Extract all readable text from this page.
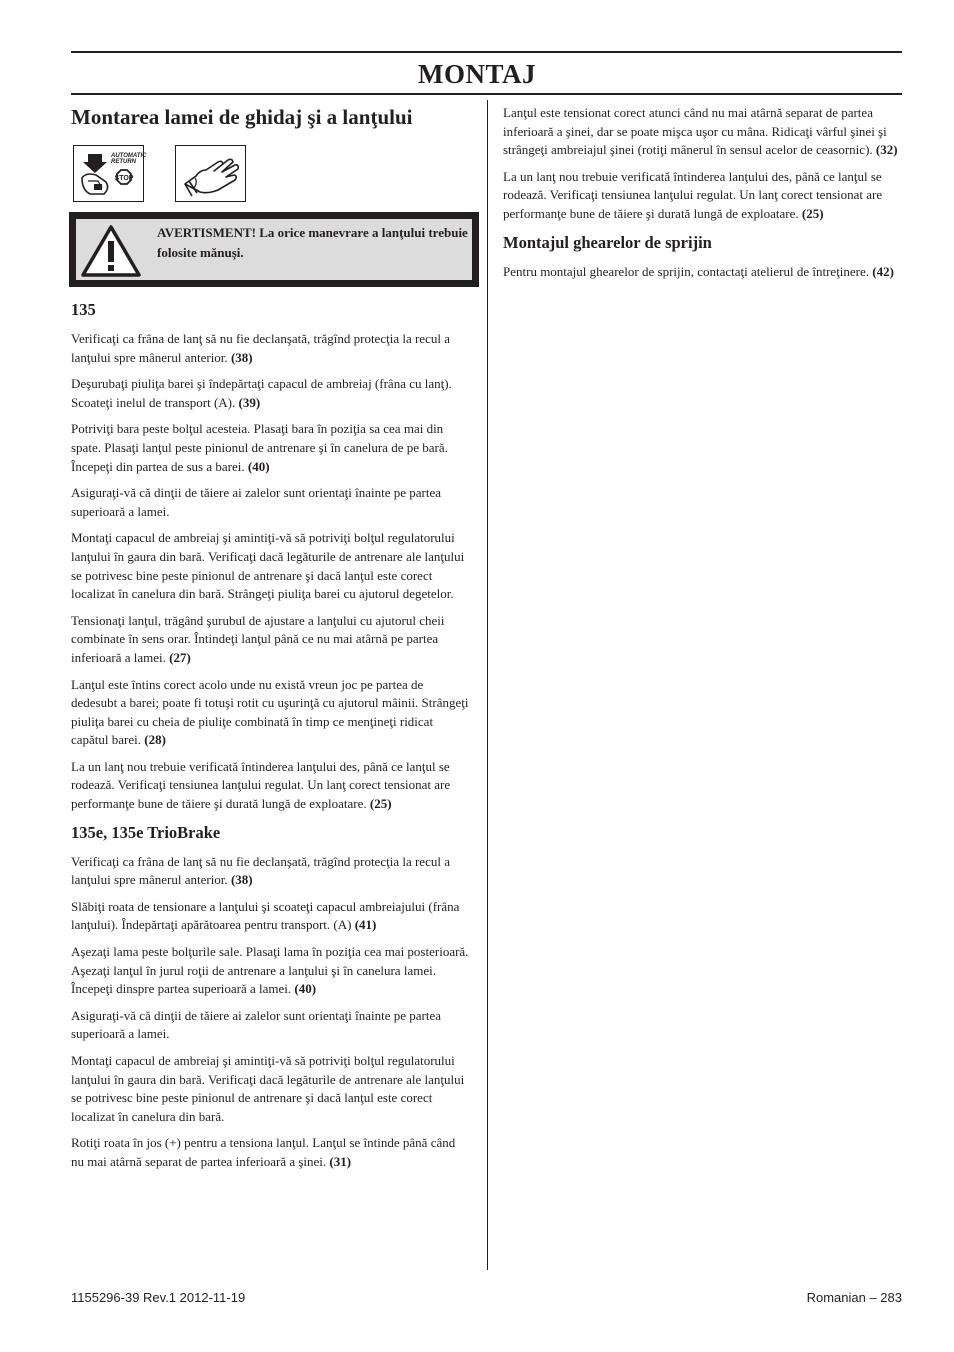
MONTAJ
Montarea lamei de ghidaj şi a lanţului
AUTOMATIC
RETURN
STOP
AVERTISMENT! La orice manevrare a lanţului trebuie folosite mănuşi.
135

Verificaţi ca frâna de lanţ să nu fie declanşată, trăgînd protecţia la recul a lanţului spre mânerul anterior. (38)

Deşurubaţi piuliţa barei şi îndepărtaţi capacul de ambreiaj (frâna cu lanţ). Scoateţi inelul de transport (A). (39)

Potriviţi bara peste bolţul acesteia. Plasaţi bara în poziţia sa cea mai din spate. Plasaţi lanţul peste pinionul de antrenare şi în canelura de pe bară. Începeţi din partea de sus a barei. (40)

Asiguraţi-vă că dinţii de tăiere ai zalelor sunt orientaţi înainte pe partea superioară a lamei.

Montaţi capacul de ambreiaj şi amintiţi-vă să potriviţi bolţul regulatorului lanţului în gaura din bară. Verificaţi dacă legăturile de antrenare ale lanţului se potrivesc bine peste pinionul de antrenare şi dacă lanţul este corect localizat în canelura din bară. Strângeţi piuliţa barei cu ajutorul degetelor.

Tensionaţi lanţul, trăgând şurubul de ajustare a lanţului cu ajutorul cheii combinate în sens orar. Întindeţi lanţul până ce nu mai atârnă pe partea inferioară a lamei. (27)

Lanţul este întins corect acolo unde nu există vreun joc pe partea de dedesubt a barei; poate fi totuşi rotit cu uşurinţă cu ajutorul mâinii. Strângeţi piuliţa barei cu cheia de piuliţe combinată în timp ce menţineţi ridicat capătul barei. (28)

La un lanţ nou trebuie verificată întinderea lanţului des, până ce lanţul se rodează. Verificaţi tensiunea lanţului regulat. Un lanţ corect tensionat are performanţe bune de tăiere şi durată lungă de exploatare. (25)

135e, 135e TrioBrake

Verificaţi ca frâna de lanţ să nu fie declanşată, trăgînd protecţia la recul a lanţului spre mânerul anterior. (38)

Slăbiţi roata de tensionare a lanţului şi scoateţi capacul ambreiajului (frâna lanţului). Îndepărtaţi apărătoarea pentru transport. (A) (41)

Aşezaţi lama peste bolţurile sale. Plasaţi lama în poziţia cea mai posterioară. Aşezaţi lanţul în jurul roţii de antrenare a lanţului şi în canelura lamei. Începeţi dinspre partea superioară a lamei. (40)

Asiguraţi-vă că dinţii de tăiere ai zalelor sunt orientaţi înainte pe partea superioară a lamei.

Montaţi capacul de ambreiaj şi amintiţi-vă să potriviţi bolţul regulatorului lanţului în gaura din bară. Verificaţi dacă legăturile de antrenare ale lanţului se potrivesc bine peste pinionul de antrenare şi dacă lanţul este corect localizat în canelura din bară.

Rotiţi roata în jos (+) pentru a tensiona lanţul. Lanţul se întinde până când nu mai atârnă separat de partea inferioară a şinei. (31)

Lanţul este tensionat corect atunci când nu mai atârnă separat de partea inferioară a şinei, dar se poate mişca uşor cu mâna. Ridicaţi vârful şinei şi strângeţi ambreiajul şinei (rotiţi mânerul în sensul acelor de ceasornic). (32)

La un lanţ nou trebuie verificată întinderea lanţului des, până ce lanţul se rodează. Verificaţi tensiunea lanţului regulat. Un lanţ corect tensionat are performanţe bune de tăiere şi durată lungă de exploatare. (25)

Montajul ghearelor de sprijin

Pentru montajul ghearelor de sprijin, contactaţi atelierul de întreţinere. (42)

1155296-39 Rev.1 2012-11-19	Romanian – 283
